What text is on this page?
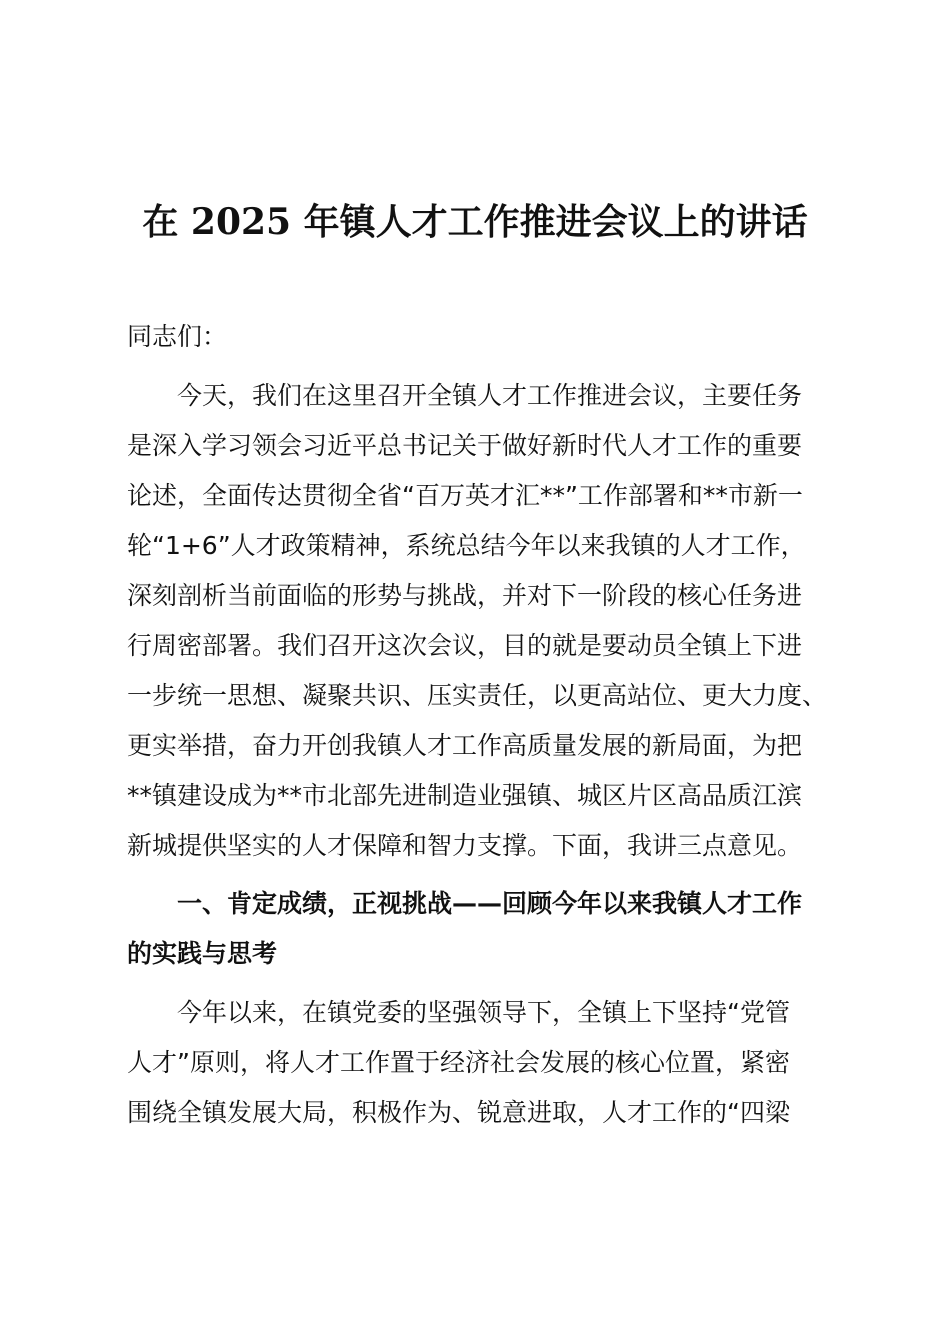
在 2025 年镇人才工作推进会议上的讲话
同志们：
今天，我们在这里召开全镇人才工作推进会议，主要任务
是深入学习领会习近平总书记关于做好新时代人才工作的重要
论述，全面传达贯彻全省“百万英才汇**”工作部署和**市新一
轮“1+6”人才政策精神，系统总结今年以来我镇的人才工作，
深刻剖析当前面临的形势与挑战，并对下一阶段的核心任务进
行周密部署。我们召开这次会议，目的就是要动员全镇上下进
一步统一思想、凝聚共识、压实责任，以更高站位、更大力度、
更实举措，奋力开创我镇人才工作高质量发展的新局面，为把
**镇建设成为**市北部先进制造业强镇、城区片区高品质江滨
新城提供坚实的人才保障和智力支撑。下面，我讲三点意见。
一、肯定成绩，正视挑战——回顾今年以来我镇人才工作
的实践与思考
今年以来，在镇党委的坚强领导下，全镇上下坚持“党管
人才”原则，将人才工作置于经济社会发展的核心位置，紧密
围绕全镇发展大局，积极作为、锐意进取，人才工作的“四梁
